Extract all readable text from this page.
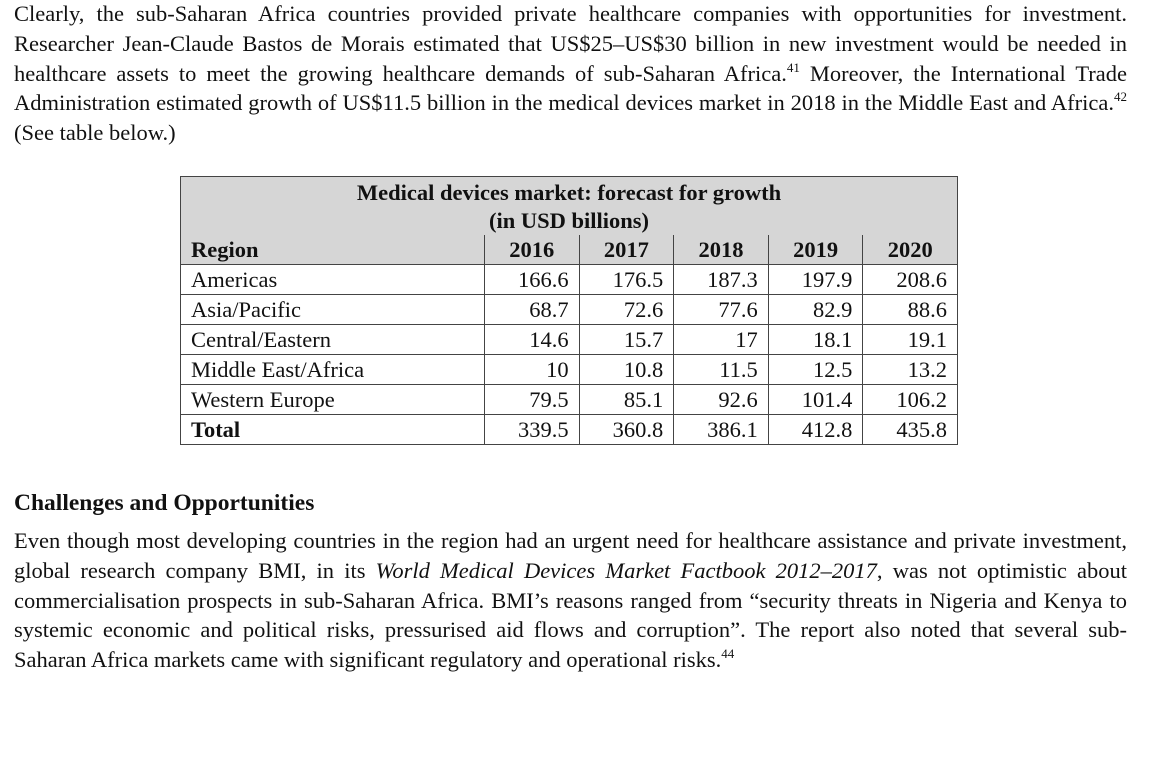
Clearly, the sub-Saharan Africa countries provided private healthcare companies with opportunities for investment. Researcher Jean-Claude Bastos de Morais estimated that US$25–US$30 billion in new investment would be needed in healthcare assets to meet the growing healthcare demands of sub-Saharan Africa.$^{41}$ Moreover, the International Trade Administration estimated growth of US$11.5 billion in the medical devices market in 2018 in the Middle East and Africa.$^{42}$ (See table below.)

Medical devices market: forecast for growth
(in USD billions)					

Region	2016	2017	2018	2019	2020
Americas	166.6	176.5	187.3	197.9	208.6
Asia/Pacific	68.7	72.6	77.6	82.9	88.6
Central/Eastern	14.6	15.7	17	18.1	19.1
Middle East/Africa	10	10.8	11.5	12.5	13.2
Western Europe	79.5	85.1	92.6	101.4	106.2
Total	339.5	360.8	386.1	412.8	435.8
Challenges and Opportunities

Even though most developing countries in the region had an urgent need for healthcare assistance and private investment, global research company BMI, in its World Medical Devices Market Factbook 2012–2017, was not optimistic about commercialisation prospects in sub-Saharan Africa. BMI’s reasons ranged from “security threats in Nigeria and Kenya to systemic economic and political risks, pressurised aid flows and corruption”. The report also noted that several sub-Saharan Africa markets came with significant regulatory and operational risks.$^{44}$
